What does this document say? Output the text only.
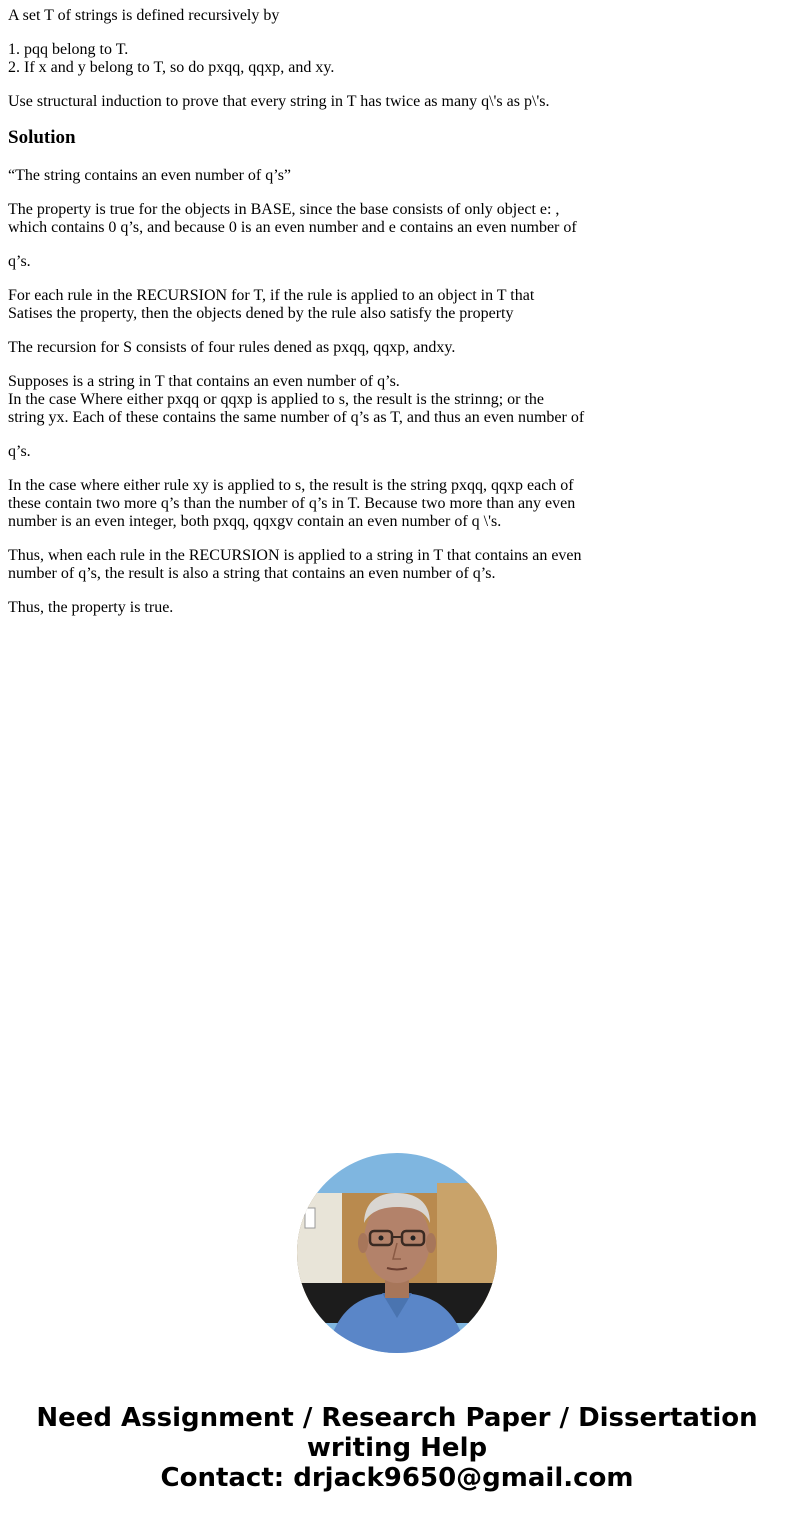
A set T of strings is defined recursively by

1. pqq belong to T.
2. If x and y belong to T, so do pxqq, qqxp, and xy.

Use structural induction to prove that every string in T has twice as many q\'s as p\'s.

Solution

“The string contains an even number of q’s”

The property is true for the objects in BASE, since the base consists of only object e: ,
which contains 0 q’s, and because 0 is an even number and e contains an even number of

q’s.

For each rule in the RECURSION for T, if the rule is applied to an object in T that
Satises the property, then the objects dened by the rule also satisfy the property

The recursion for S consists of four rules dened as pxqq, qqxp, andxy.

Supposes is a string in T that contains an even number of q’s.
In the case Where either pxqq or qqxp is applied to s, the result is the strinng; or the
string yx. Each of these contains the same number of q’s as T, and thus an even number of

q’s.

In the case where either rule xy is applied to s, the result is the string pxqq, qqxp each of
these contain two more q’s than the number of q’s in T. Because two more than any even
number is an even integer, both pxqq, qqxgv contain an even number of q \'s.

Thus, when each rule in the RECURSION is applied to a string in T that contains an even
number of q’s, the result is also a string that contains an even number of q’s.

Thus, the property is true.

Need Assignment / Research Paper / Dissertation
writing Help
Contact: drjack9650@gmail.com
